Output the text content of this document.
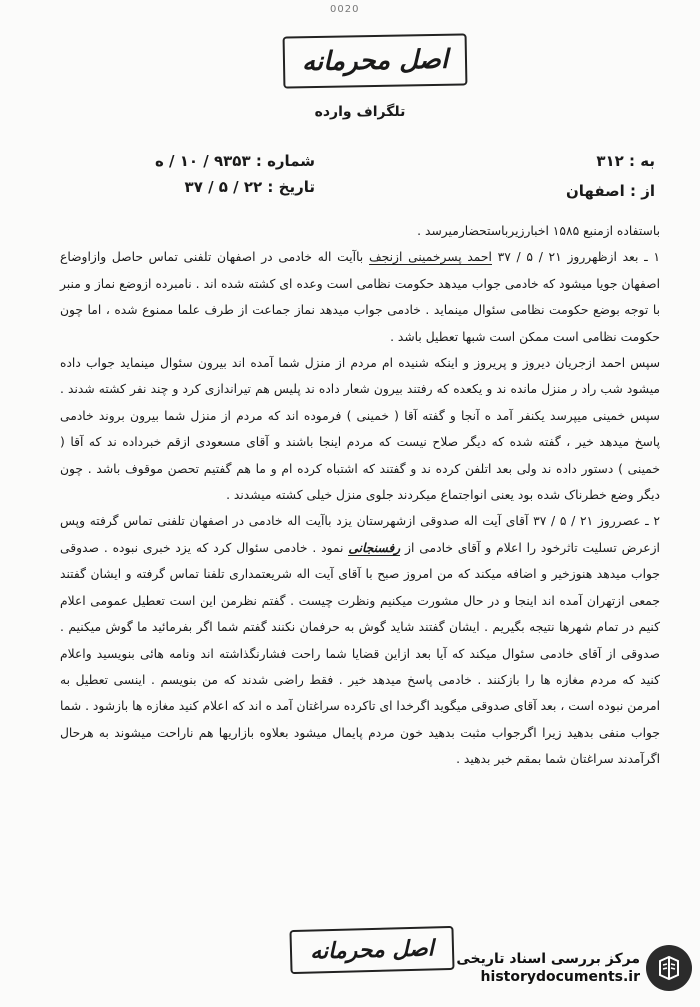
0020
اصل محرمانه
تلگراف وارده
به : ۳۱۲
از : اصفهان
شماره : ۹۳۵۳ / ۱۰ / ه
تاریخ : ۲۲ / ۵ / ۳۷

باستفاده ازمنبع ۱۵۸۵ اخبارزیرباستحضارمیرسد .

۱ ـ بعد ازظهرروز ۲۱ / ۵ / ۳۷ احمد پسرخمینی ازنجف باآیت اله خادمی در اصفهان تلفنی تماس حاصل وازاوضاع اصفهان جویا میشود که خادمی جواب میدهد حکومت نظامی است وعده ای کشته شده اند . نامبرده ازوضع نماز و منبر با توجه بوضع حکومت نظامی سئوال مینماید . خادمی جواب میدهد نماز جماعت از طرف علما ممنوع شده ، اما چون حکومت نظامی است ممکن است شبها تعطیل باشد .

سپس احمد ازجریان دیروز و پریروز و اینکه شنیده ام مردم از منزل شما آمده اند بیرون سئوال مینماید جواب داده میشود شب راد ر منزل مانده ند و یکعده که رفتند بیرون شعار داده ند پلیس هم تیراندازی کرد و چند نفر کشته شدند . سپس خمینی میپرسد یکنفر آمد ه آنجا و گفته آقا ( خمینی ) فرموده اند که مردم از منزل شما بیرون بروند خادمی پاسخ میدهد خیر ، گفته شده که دیگر صلاح نیست که مردم اینجا باشند و آقای مسعودی ازقم خبرداده ند که آقا ( خمینی ) دستور داده ند ولی بعد اتلفن کرده ند و گفتند که اشتباه کرده ام و ما هم گفتیم تحصن موقوف باشد . چون دیگر وضع خطرناک شده بود یعنی انواجتماع میکردند جلوی منزل خیلی کشته میشدند .

۲ ـ عصرروز ۲۱ / ۵ / ۳۷ آقای آیت اله صدوقی ازشهرستان یزد باآیت اله خادمی در اصفهان تلفنی تماس گرفته وپس ازعرض تسلیت تاثرخود را اعلام و آقای خادمی از رفسنجانی نمود . خادمی سئوال کرد که یزد خبری نبوده . صدوقی جواب میدهد هنوزخیر و اضافه میکند که من امروز صبح با آقای آیت اله شریعتمداری تلفنا تماس گرفته و ایشان گفتند جمعی ازتهران آمده اند اینجا و در حال مشورت میکنیم ونظرت چیست . گفتم نظرمن این است تعطیل عمومی اعلام کنیم در تمام شهرها نتیجه بگیریم . ایشان گفتند شاید گوش به حرفمان نکنند گفتم شما اگر بفرمائید ما گوش میکنیم . صدوقی از آقای خادمی سئوال میکند که آیا بعد ازاین قضایا شما راحت فشارنگذاشته اند ونامه هائی بنویسید واعلام کنید که مردم مغازه ها را بازکنند . خادمی پاسخ میدهد خیر . فقط راضی شدند که من بنویسم . اینسی تعطیل به امرمن نبوده است ، بعد آقای صدوقی میگوید اگرخدا ای تاکرده سراغتان آمد ه اند که اعلام کنید مغازه ها بازشود . شما جواب منفی بدهید زیرا اگرجواب مثبت بدهید خون مردم پایمال میشود بعلاوه بازاریها هم ناراحت میشوند به هرحال اگرآمدند سراغتان شما بمقم خبر بدهید .

اصل محرمانه	مرکز بررسی اسناد تاریخی
historydocuments.ir
